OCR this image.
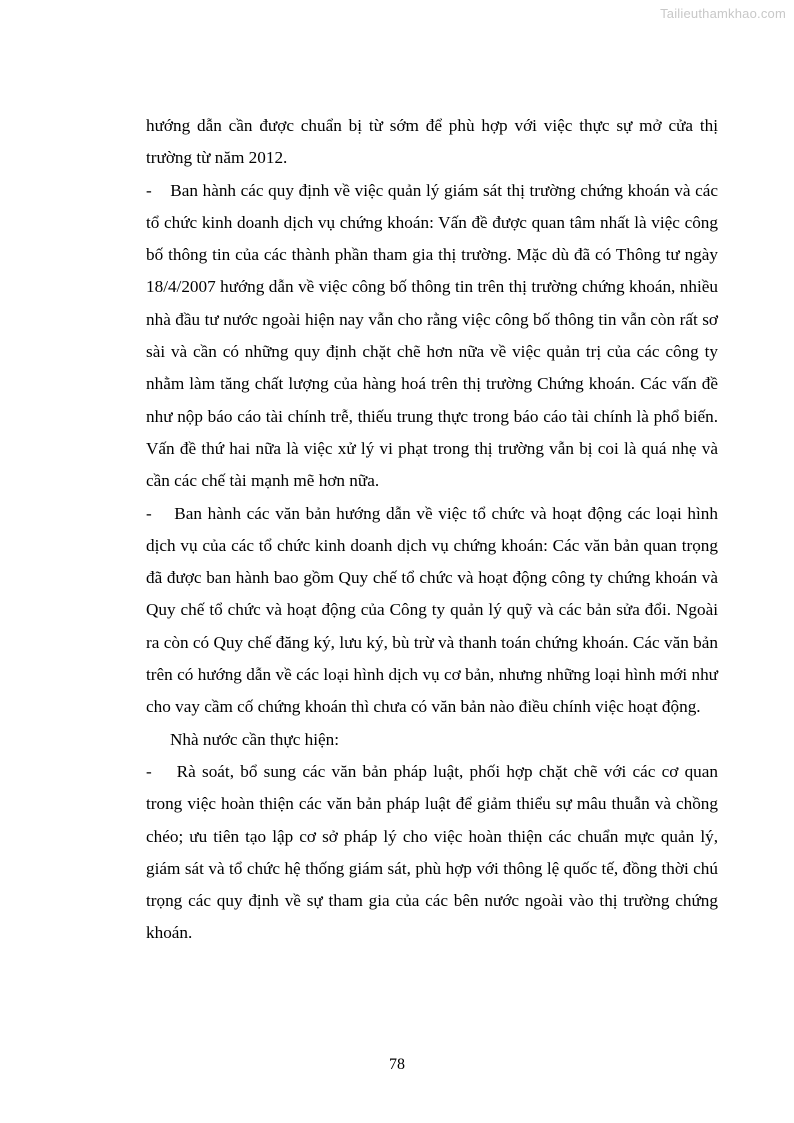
Tailieuthamkhao.com

hướng dẫn cần được chuẩn bị từ sớm để phù hợp với việc thực sự mở cửa thị trường từ năm 2012.

-    Ban hành các quy định về việc quản lý giám sát thị trường chứng khoán và các tổ chức kinh doanh dịch vụ chứng khoán: Vấn đề được quan tâm nhất là việc công bố thông tin của các thành phần tham gia thị trường. Mặc dù đã có Thông tư ngày 18/4/2007 hướng dẫn về việc công bố thông tin trên thị trường chứng khoán, nhiều nhà đầu tư nước ngoài hiện nay vẫn cho rằng việc công bố thông tin vẫn còn rất sơ sài và cần có những quy định chặt chẽ hơn nữa về việc quản trị của các công ty nhằm làm tăng chất lượng của hàng hoá trên thị trường Chứng khoán. Các vấn đề như nộp báo cáo tài chính trễ, thiếu trung thực trong báo cáo tài chính là phổ biến. Vấn đề thứ hai nữa là việc xử lý vi phạt trong thị trường vẫn bị coi là quá nhẹ và cần các chế tài mạnh mẽ hơn nữa.

-    Ban hành các văn bản hướng dẫn về việc tổ chức và hoạt động các loại hình dịch vụ của các tổ chức kinh doanh dịch vụ chứng khoán: Các văn bản quan trọng đã được ban hành bao gồm Quy chế tổ chức và hoạt động công ty chứng khoán và Quy chế tổ chức và hoạt động của Công ty quản lý quỹ và các bản sửa đổi. Ngoài ra còn có Quy chế đăng ký, lưu ký, bù trừ và thanh toán chứng khoán. Các văn bản trên có hướng dẫn về các loại hình dịch vụ cơ bản, nhưng những loại hình mới như cho vay cầm cố chứng khoán thì chưa có văn bản nào điều chính việc hoạt động.

Nhà nước cần thực hiện:

-    Rà soát, bổ sung các văn bản pháp luật, phối hợp chặt chẽ với các cơ quan trong việc hoàn thiện các văn bản pháp luật để giảm thiểu sự mâu thuẫn và chồng chéo; ưu tiên tạo lập cơ sở pháp lý cho việc hoàn thiện các chuẩn mực quản lý, giám sát và tổ chức hệ thống giám sát, phù hợp với thông lệ quốc tế, đồng thời chú trọng các quy định về sự tham gia của các bên nước ngoài vào thị trường chứng khoán.

78
